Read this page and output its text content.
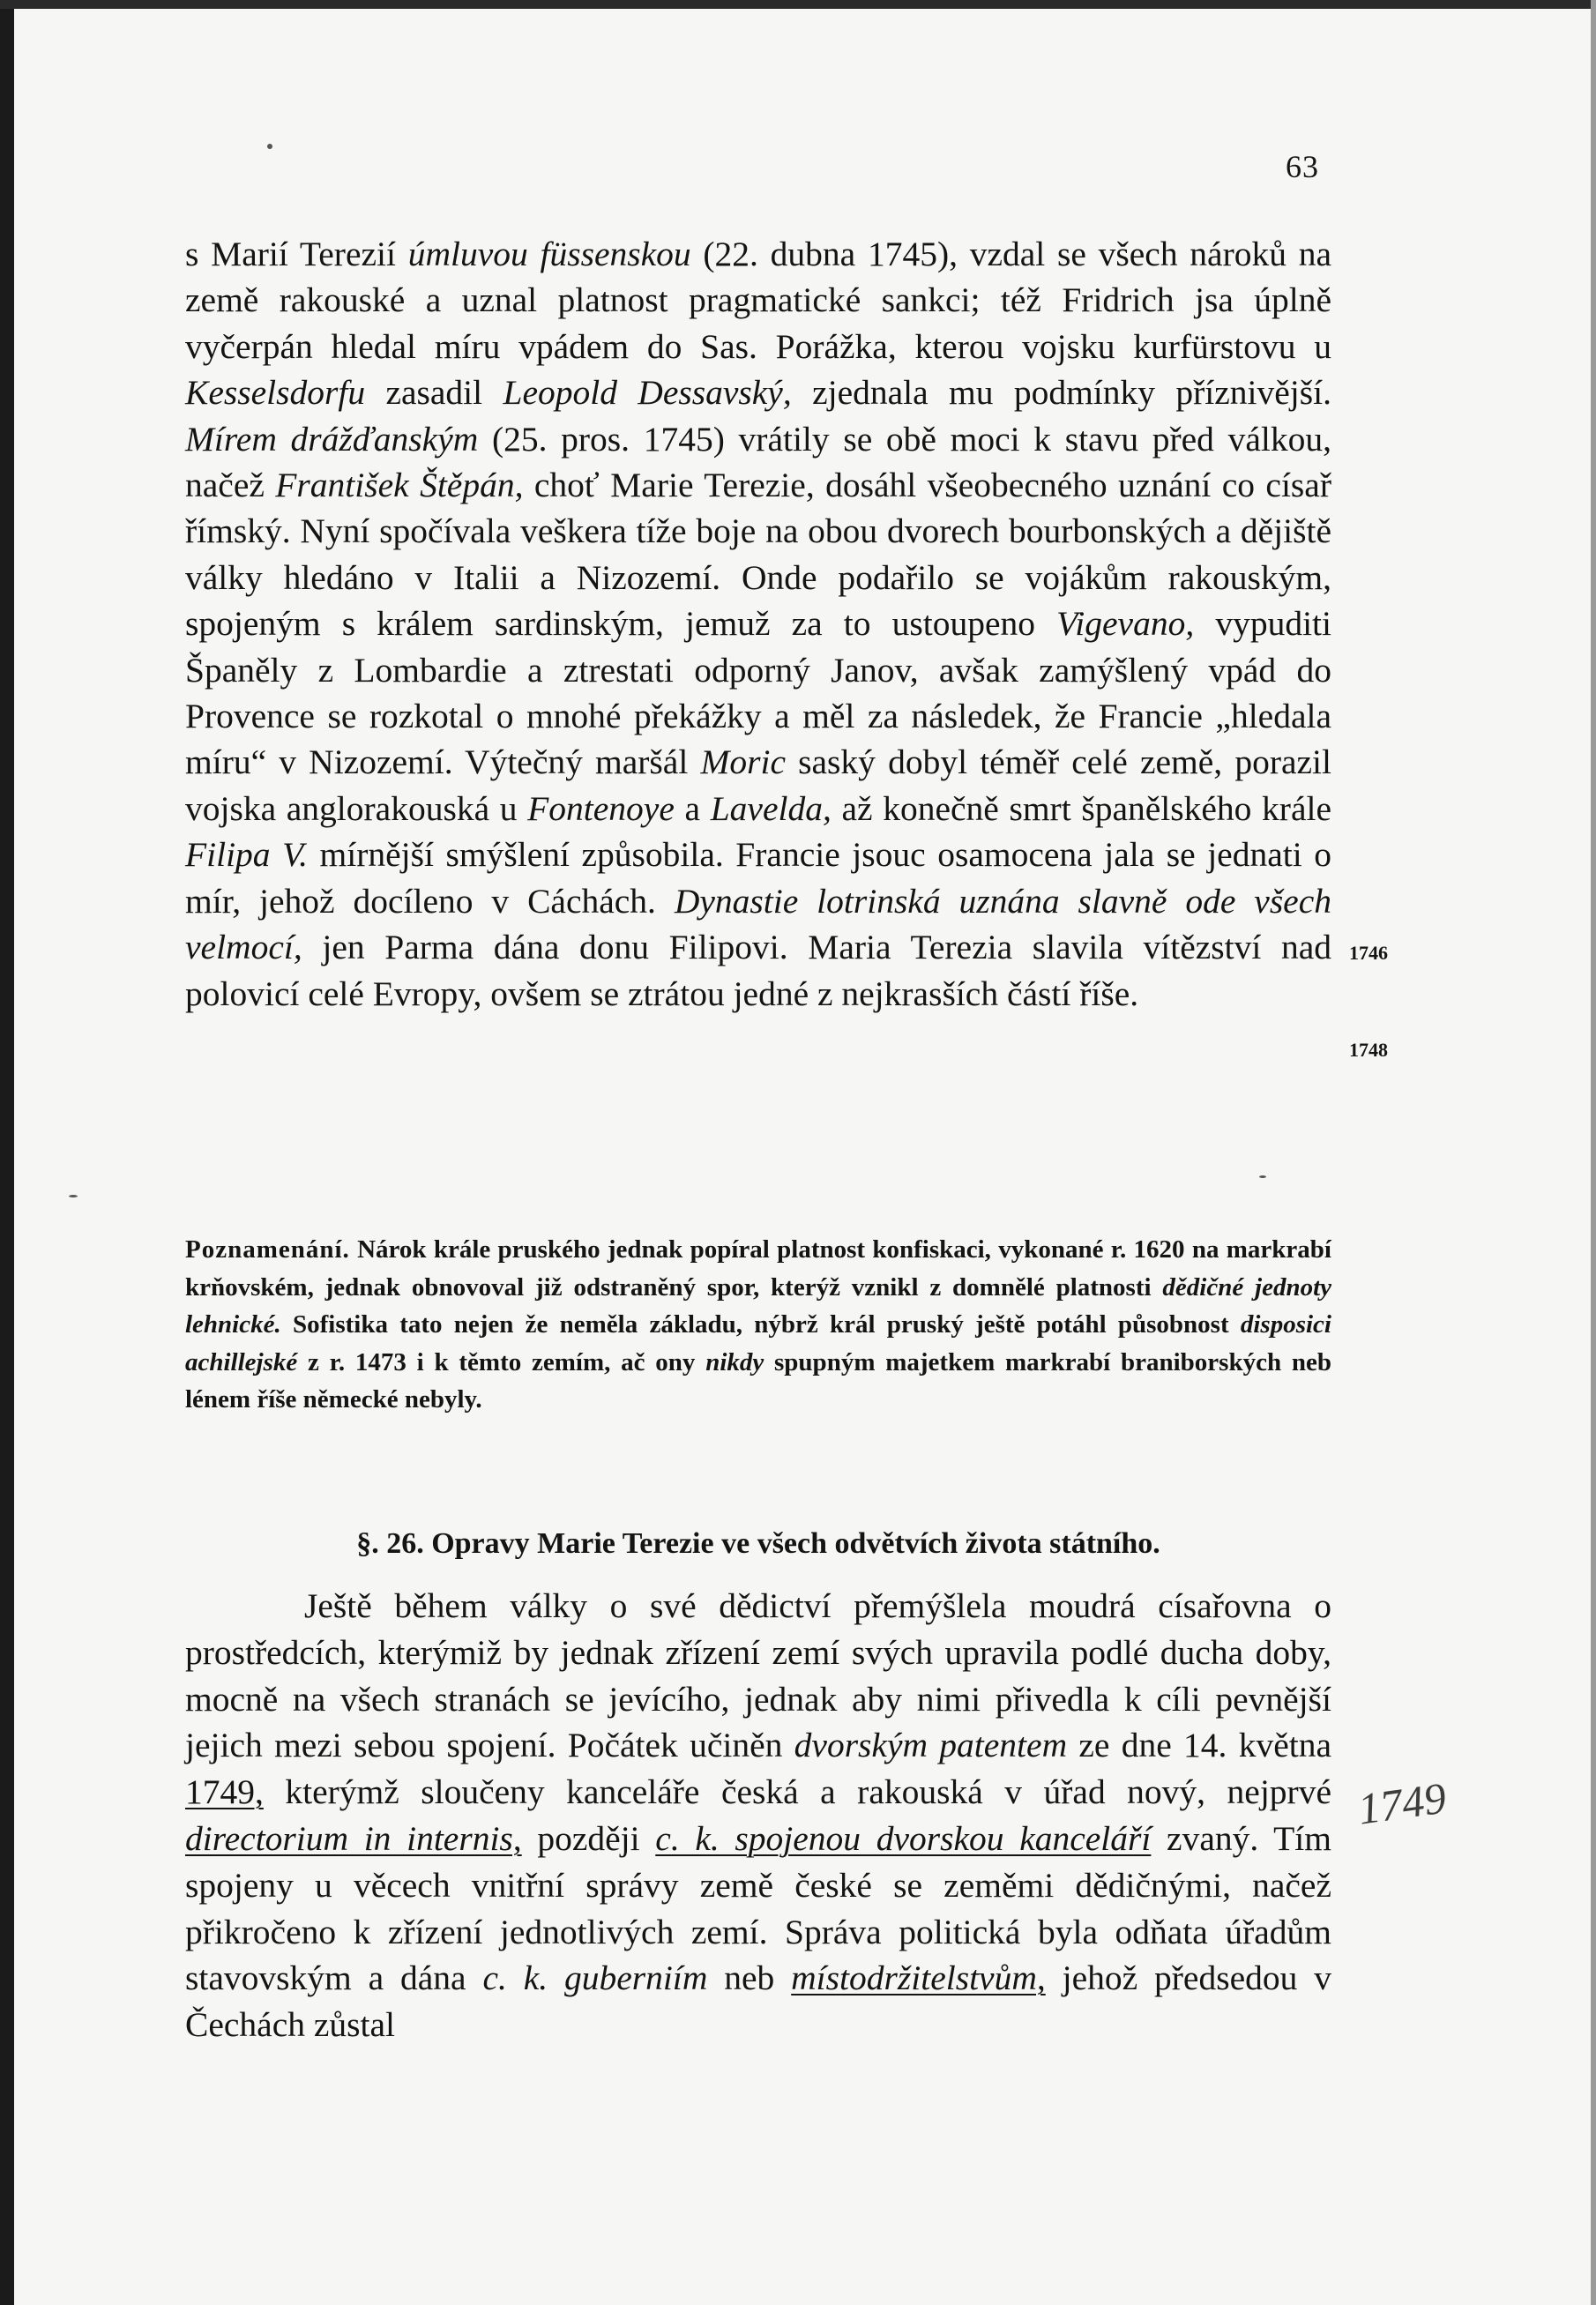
63
s Marií Terezií úmluvou füssenskou (22. dubna 1745), vzdal se všech nároků na země rakouské a uznal platnost pragmatické sankci; též Fridrich jsa úplně vyčerpán hledal míru vpádem do Sas. Porážka, kterou vojsku kurfürstovu u Kesselsdorfu zasadil Leopold Dessavský, zjednala mu podmínky příznivější. Mírem drážďanským (25. pros. 1745) vrátily se obě moci k stavu před válkou, načež František Štěpán, choť Marie Terezie, dosáhl všeobecného uznání co císař římský. Nyní spočívala veškera tíže boje na obou dvorech bourbonských a dějiště války hledáno v Italii a Nizozemí. Onde podařilo se vojákům rakouským, spojeným s králem sardinským, jemuž za to ustoupeno Vigevano, vypuditi Španěly z Lombardie a ztrestati odporný Janov, avšak zamýšlený vpád do Provence se rozkotal o mnohé překážky a měl za následek, že Francie „hledala míru“ v Nizozemí. Výtečný maršál Moric saský dobyl téměř celé země, porazil vojska anglorakouská u Fontenoye a Lavelda, až konečně smrt španělského krále Filipa V. mírnější smýšlení způsobila. Francie jsouc osamocena jala se jednati o mír, jehož docíleno v Cáchách. Dynastie lotrinská uznána slavně ode všech velmocí, jen Parma dána donu Filipovi. Maria Terezia slavila vítězství nad polovicí celé Evropy, ovšem se ztrátou jedné z nejkrasších částí říše.
1746
1748
Poznamenání. Nárok krále pruského jednak popíral platnost konfiskaci, vykonané r. 1620 na markrabí krňovském, jednak obnovoval již odstraněný spor, kterýž vznikl z domnělé platnosti dědičné jednoty lehnické. Sofistika tato nejen že neměla základu, nýbrž král pruský ještě potáhl působnost disposici achillejské z r. 1473 i k těmto zemím, ač ony nikdy spupným majetkem markrabí braniborských neb lénem říše německé nebyly.
§. 26. Opravy Marie Terezie ve všech odvětvích života státního.
Ještě během války o své dědictví přemýšlela moudrá císařovna o prostředcích, kterýmiž by jednak zřízení zemí svých upravila podlé ducha doby, mocně na všech stranách se jevícího, jednak aby nimi přivedla k cíli pevnější jejich mezi sebou spojení. Počátek učiněn dvorským patentem ze dne 14. května 1749, kterýmž sloučeny kanceláře česká a rakouská v úřad nový, nejprvé directorium in internis, později c. k. spojenou dvorskou kanceláří zvaný. Tím spojeny u věcech vnitřní správy země české se zeměmi dědičnými, načež přikročeno k zřízení jednotlivých zemí. Správa politická byla odňata úřadům stavovským a dána c. k. guberniím neb místodržitelstvům, jehož předsedou v Čechách zůstal
1749
